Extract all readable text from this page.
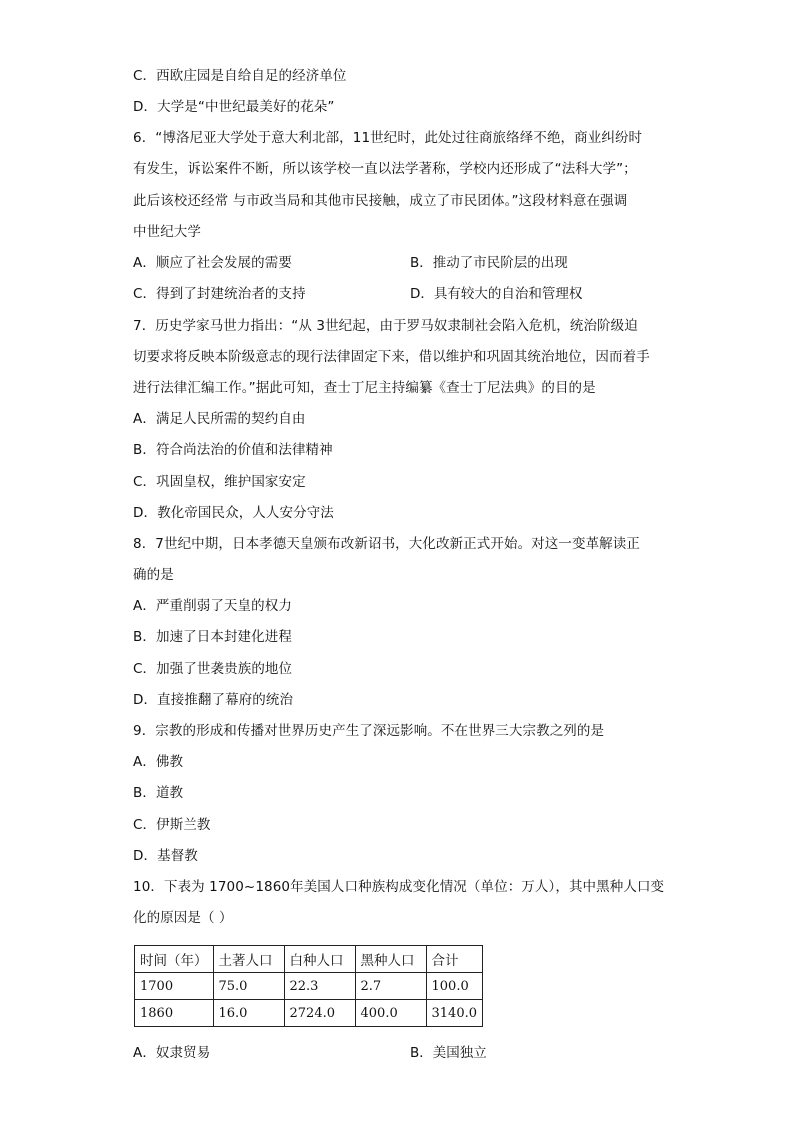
C．西欧庄园是自给自足的经济单位
D．大学是“中世纪最美好的花朵”
6．“博洛尼亚大学处于意大利北部，11世纪时，此处过往商旅络绎不绝，商业纠纷时
有发生，诉讼案件不断，所以该学校一直以法学著称，学校内还形成了“法科大学”；
此后该校还经常 与市政当局和其他市民接触，成立了市民团体。”这段材料意在强调
中世纪大学
A．顺应了社会发展的需要	B．推动了市民阶层的出现
C．得到了封建统治者的支持	D．具有较大的自治和管理权
7．历史学家马世力指出：“从 3世纪起，由于罗马奴隶制社会陷入危机，统治阶级迫
切要求将反映本阶级意志的现行法律固定下来，借以维护和巩固其统治地位，因而着手
进行法律汇编工作。”据此可知，查士丁尼主持编纂《查士丁尼法典》的目的是
A．满足人民所需的契约自由
B．符合尚法治的价值和法律精神
C．巩固皇权，维护国家安定
D．教化帝国民众，人人安分守法
8．7世纪中期，日本孝德天皇颁布改新诏书，大化改新正式开始。对这一变革解读正
确的是
A．严重削弱了天皇的权力
B．加速了日本封建化进程
C．加强了世袭贵族的地位
D．直接推翻了幕府的统治
9．宗教的形成和传播对世界历史产生了深远影响。不在世界三大宗教之列的是
A．佛教
B．道教
C．伊斯兰教
D．基督教
10．下表为 1700~1860年美国人口种族构成变化情况（单位：万人），其中黑种人口变
化的原因是（ ）
时间（年）	土著人口	白种人口	黑种人口	合计
1700	75.0	22.3	2.7	100.0
1860	16.0	2724.0	400.0	3140.0
A．奴隶贸易	B．美国独立
